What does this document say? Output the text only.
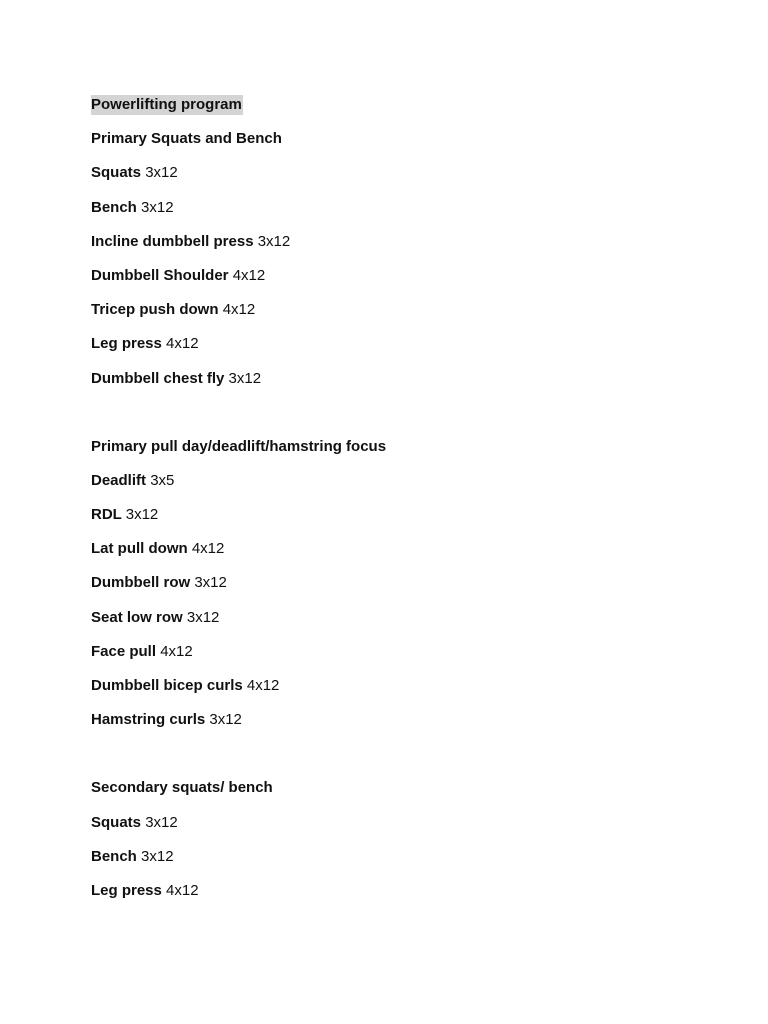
Powerlifting program
Primary Squats and Bench
Squats 3x12
Bench 3x12
Incline dumbbell press 3x12
Dumbbell Shoulder 4x12
Tricep push down 4x12
Leg press 4x12
Dumbbell chest fly 3x12
Primary pull day/deadlift/hamstring focus
Deadlift 3x5
RDL 3x12
Lat pull down 4x12
Dumbbell row 3x12
Seat low row 3x12
Face pull 4x12
Dumbbell bicep curls 4x12
Hamstring curls 3x12
Secondary squats/ bench
Squats 3x12
Bench 3x12
Leg press 4x12
